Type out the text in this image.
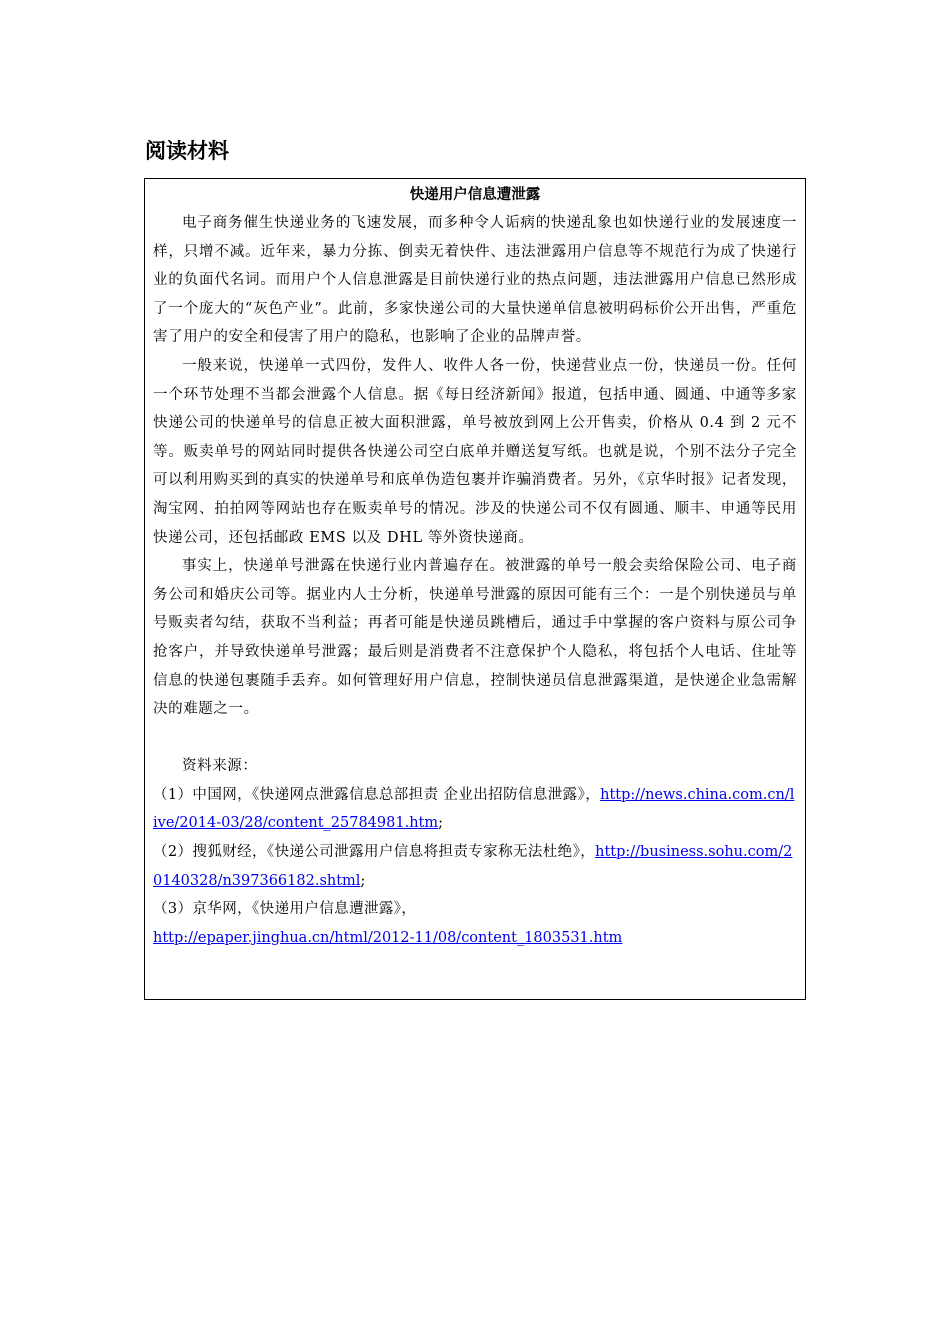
阅读材料
快递用户信息遭泄露

电子商务催生快递业务的飞速发展，而多种令人诟病的快递乱象也如快递行业的发展速度一样，只增不减。近年来，暴力分拣、倒卖无着快件、违法泄露用户信息等不规范行为成了快递行业的负面代名词。而用户个人信息泄露是目前快递行业的热点问题，违法泄露用户信息已然形成了一个庞大的“灰色产业”。此前，多家快递公司的大量快递单信息被明码标价公开出售，严重危害了用户的安全和侵害了用户的隐私，也影响了企业的品牌声誉。

一般来说，快递单一式四份，发件人、收件人各一份，快递营业点一份，快递员一份。任何一个环节处理不当都会泄露个人信息。据《每日经济新闻》报道，包括申通、圆通、中通等多家快递公司的快递单号的信息正被大面积泄露，单号被放到网上公开售卖，价格从 0.4 到 2 元不等。贩卖单号的网站同时提供各快递公司空白底单并赠送复写纸。也就是说，个别不法分子完全可以利用购买到的真实的快递单号和底单伪造包裹并诈骗消费者。另外，《京华时报》记者发现，淘宝网、拍拍网等网站也存在贩卖单号的情况。涉及的快递公司不仅有圆通、顺丰、申通等民用快递公司，还包括邮政 EMS 以及 DHL 等外资快递商。

事实上，快递单号泄露在快递行业内普遍存在。被泄露的单号一般会卖给保险公司、电子商务公司和婚庆公司等。据业内人士分析，快递单号泄露的原因可能有三个：一是个别快递员与单号贩卖者勾结，获取不当利益；再者可能是快递员跳槽后，通过手中掌握的客户资料与原公司争抢客户，并导致快递单号泄露；最后则是消费者不注意保护个人隐私，将包括个人电话、住址等信息的快递包裹随手丢弃。如何管理好用户信息，控制快递员信息泄露渠道，是快递企业急需解决的难题之一。

资料来源：

（1）中国网，《快递网点泄露信息总部担责 企业出招防信息泄露》，http://news.china.com.cn/live/2014-03/28/content_25784981.htm;

（2）搜狐财经，《快递公司泄露用户信息将担责专家称无法杜绝》，http://business.sohu.com/20140328/n397366182.shtml;

（3）京华网，《快递用户信息遭泄露》，
http://epaper.jinghua.cn/html/2012-11/08/content_1803531.htm
